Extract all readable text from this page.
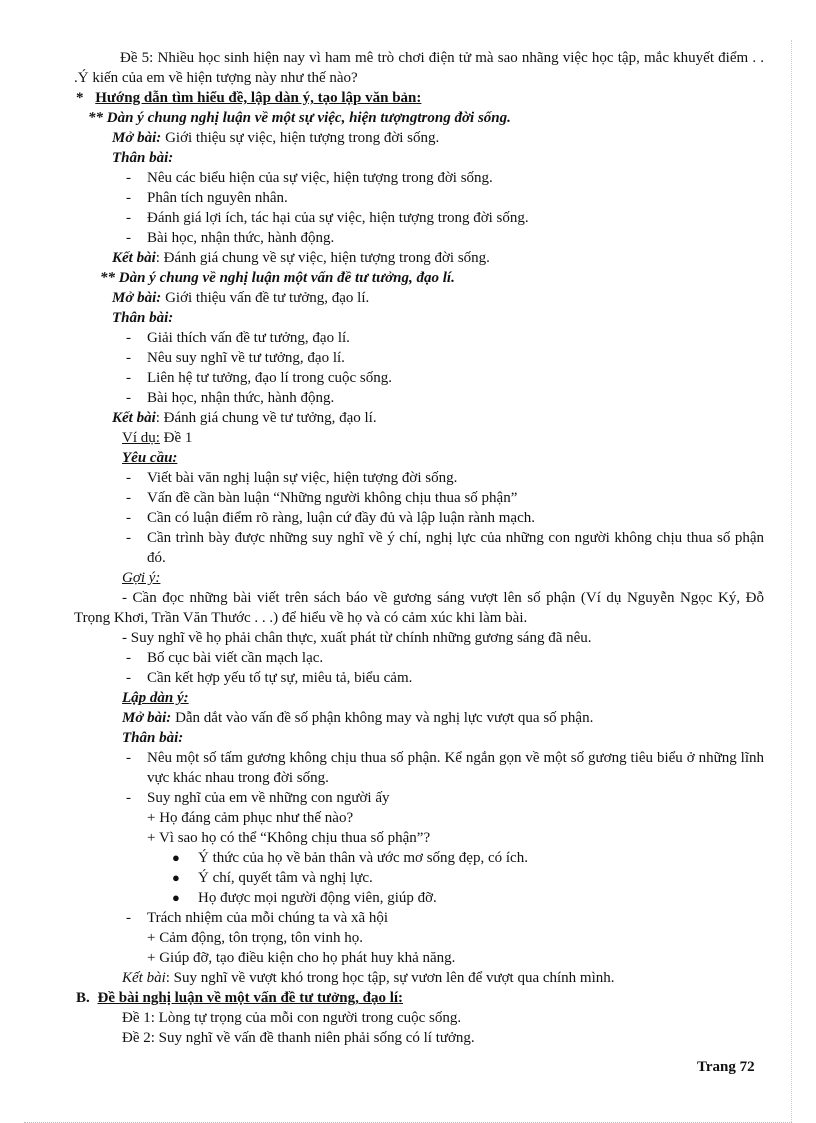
Đề 5: Nhiều học sinh hiện nay vì ham mê trò chơi điện tử mà sao nhãng việc học tập, mắc khuyết điểm . . .Ý kiến của em về hiện tượng này như thế nào?
* Hướng dẫn tìm hiểu đề, lập dàn ý, tạo lập văn bản:
** Dàn ý chung nghị luận về một sự việc, hiện tượngtrong đời sống.
Mở bài: Giới thiệu sự việc, hiện tượng trong đời sống.
Thân bài:
- Nêu các biểu hiện của sự việc, hiện tượng trong đời sống.
- Phân tích nguyên nhân.
- Đánh giá lợi ích, tác hại của sự việc, hiện tượng trong đời sống.
- Bài học, nhận thức, hành động.
Kết bài: Đánh giá chung về sự việc, hiện tượng trong đời sống.
** Dàn ý chung về nghị luận một vấn đề tư tưởng, đạo lí.
Mở bài: Giới thiệu vấn đề tư tưởng, đạo lí.
Thân bài:
- Giải thích vấn đề tư tưởng, đạo lí.
- Nêu suy nghĩ về tư tưởng, đạo lí.
- Liên hệ tư tưởng, đạo lí trong cuộc sống.
- Bài học, nhận thức, hành động.
Kết bài: Đánh giá chung về tư tưởng, đạo lí.
Ví dụ: Đề 1
Yêu cầu:
- Viết bài văn nghị luận sự việc, hiện tượng đời sống.
- Vấn đề cần bàn luận “Những người không chịu thua số phận”
- Cần có luận điểm rõ ràng, luận cứ đầy đủ và lập luận rành mạch.
- Cần trình bày được những suy nghĩ về ý chí, nghị lực của những con người không chịu thua số phận đó.
Gợi ý:
- Cần đọc những bài viết trên sách báo về gương sáng vượt lên số phận (Ví dụ Nguyễn Ngọc Ký, Đỗ Trọng Khơi, Trần Văn Thước . . .) để hiểu về họ và có cảm xúc khi làm bài.
- Suy nghĩ về họ phải chân thực, xuất phát từ chính những gương sáng đã nêu.
- Bố cục bài viết cần mạch lạc.
- Cần kết hợp yếu tố tự sự, miêu tả, biểu cảm.
Lập dàn ý:
Mở bài: Dẫn dắt vào vấn đề số phận không may và nghị lực vượt qua số phận.
Thân bài:
- Nêu một số tấm gương không chịu thua số phận. Kể ngắn gọn về một số gương tiêu biểu ở những lĩnh vực khác nhau trong đời sống.
- Suy nghĩ của em về những con người ấy
+ Họ đáng cảm phục như thế nào?
+ Vì sao họ có thể “Không chịu thua số phận”?
● Ý thức của họ về bản thân và ước mơ sống đẹp, có ích.
● Ý chí, quyết tâm và nghị lực.
● Họ được mọi người động viên, giúp đỡ.
- Trách nhiệm của mỗi chúng ta và xã hội
+ Cảm động, tôn trọng, tôn vinh họ.
+ Giúp đỡ, tạo điều kiện cho họ phát huy khả năng.
Kết bài: Suy nghĩ về vượt khó trong học tập, sự vươn lên để vượt qua chính mình.
B. Đề bài nghị luận về một vấn đề tư tưởng, đạo lí:
Đề 1: Lòng tự trọng của mỗi con người trong cuộc sống.
Đề 2: Suy nghĩ về vấn đề thanh niên phải sống có lí tưởng.
Trang 72
